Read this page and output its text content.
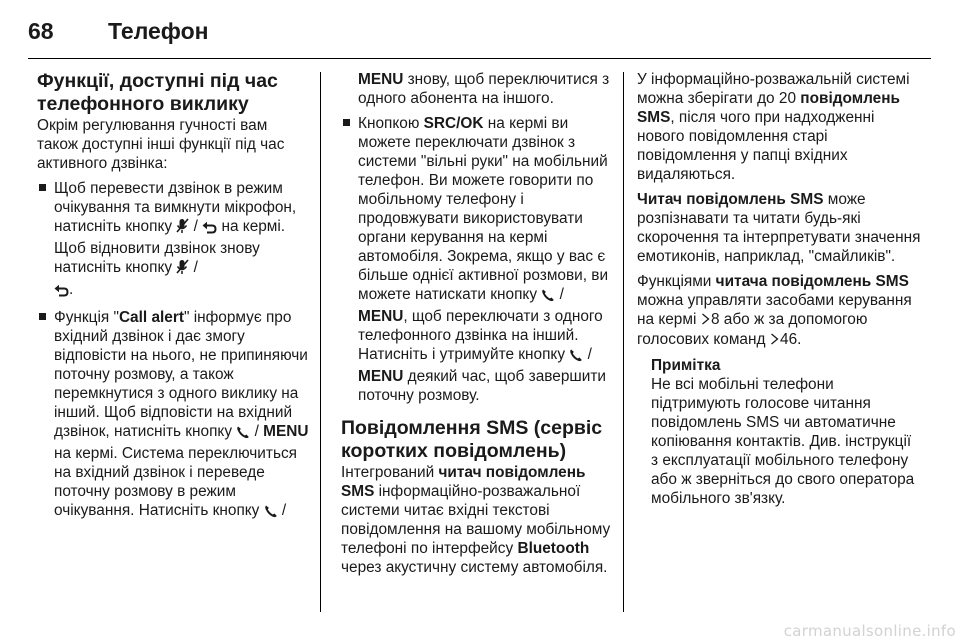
68 Телефон
Функції, доступні під час телефонного виклику

Окрім регулювання гучності вам також доступні інші функції під час активного дзвінка:

Щоб перевести дзвінок в режим очікування та вимкнути мікрофон, натисніть кнопку  /  на кермі. Щоб відновити дзвінок знову натисніть кнопку  /
.
Функція "Call alert" інформує про вхідний дзвінок і дає змогу відповісти на нього, не припиняючи поточну розмову, а також перемкнутися з одного виклику на інший. Щоб відповісти на вхідний дзвінок, натисніть кнопку  / MENU на кермі. Система переключиться на вхідний дзвінок і переведе поточну розмову в режим очікування. Натисніть кнопку  /
MENU знову, щоб переключитися з одного абонента на іншого.
Кнопкою SRC/OK на кермі ви можете переключати дзвінок з системи "вільні руки" на мобільний телефон. Ви можете говорити по мобільному телефону і продовжувати використовувати органи керування на кермі автомобіля. Зокрема, якщо у вас є більше однієї активної розмови, ви можете натискати кнопку  / MENU, щоб переключати з одного телефонного дзвінка на інший. Натисніть і утримуйте кнопку  / MENU деякий час, щоб завершити поточну розмову.
Повідомлення SMS (сервіс коротких повідомлень)

Інтегрований читач повідомлень SMS інформаційно-розважальної системи читає вхідні текстові повідомлення на вашому мобільному телефоні по інтерфейсу Bluetooth через акустичну систему автомобіля.

У інформаційно-розважальній системі можна зберігати до 20 повідомлень SMS, після чого при надходженні нового повідомлення старі повідомлення у папці вхідних видаляються.

Читач повідомлень SMS може розпізнавати та читати будь-які скорочення та інтерпретувати значення емотиконів, наприклад, "смайликів".

Функціями читача повідомлень SMS можна управляти засобами керування на кермі  8 або ж за допомогою голосових команд  46.

Примітка
Не всі мобільні телефони підтримують голосове читання повідомлень SMS чи автоматичне копіювання контактів. Див. інструкції з експлуатації мобільного телефону або ж зверніться до свого оператора мобільного зв'язку.
carmanualsonline.info
